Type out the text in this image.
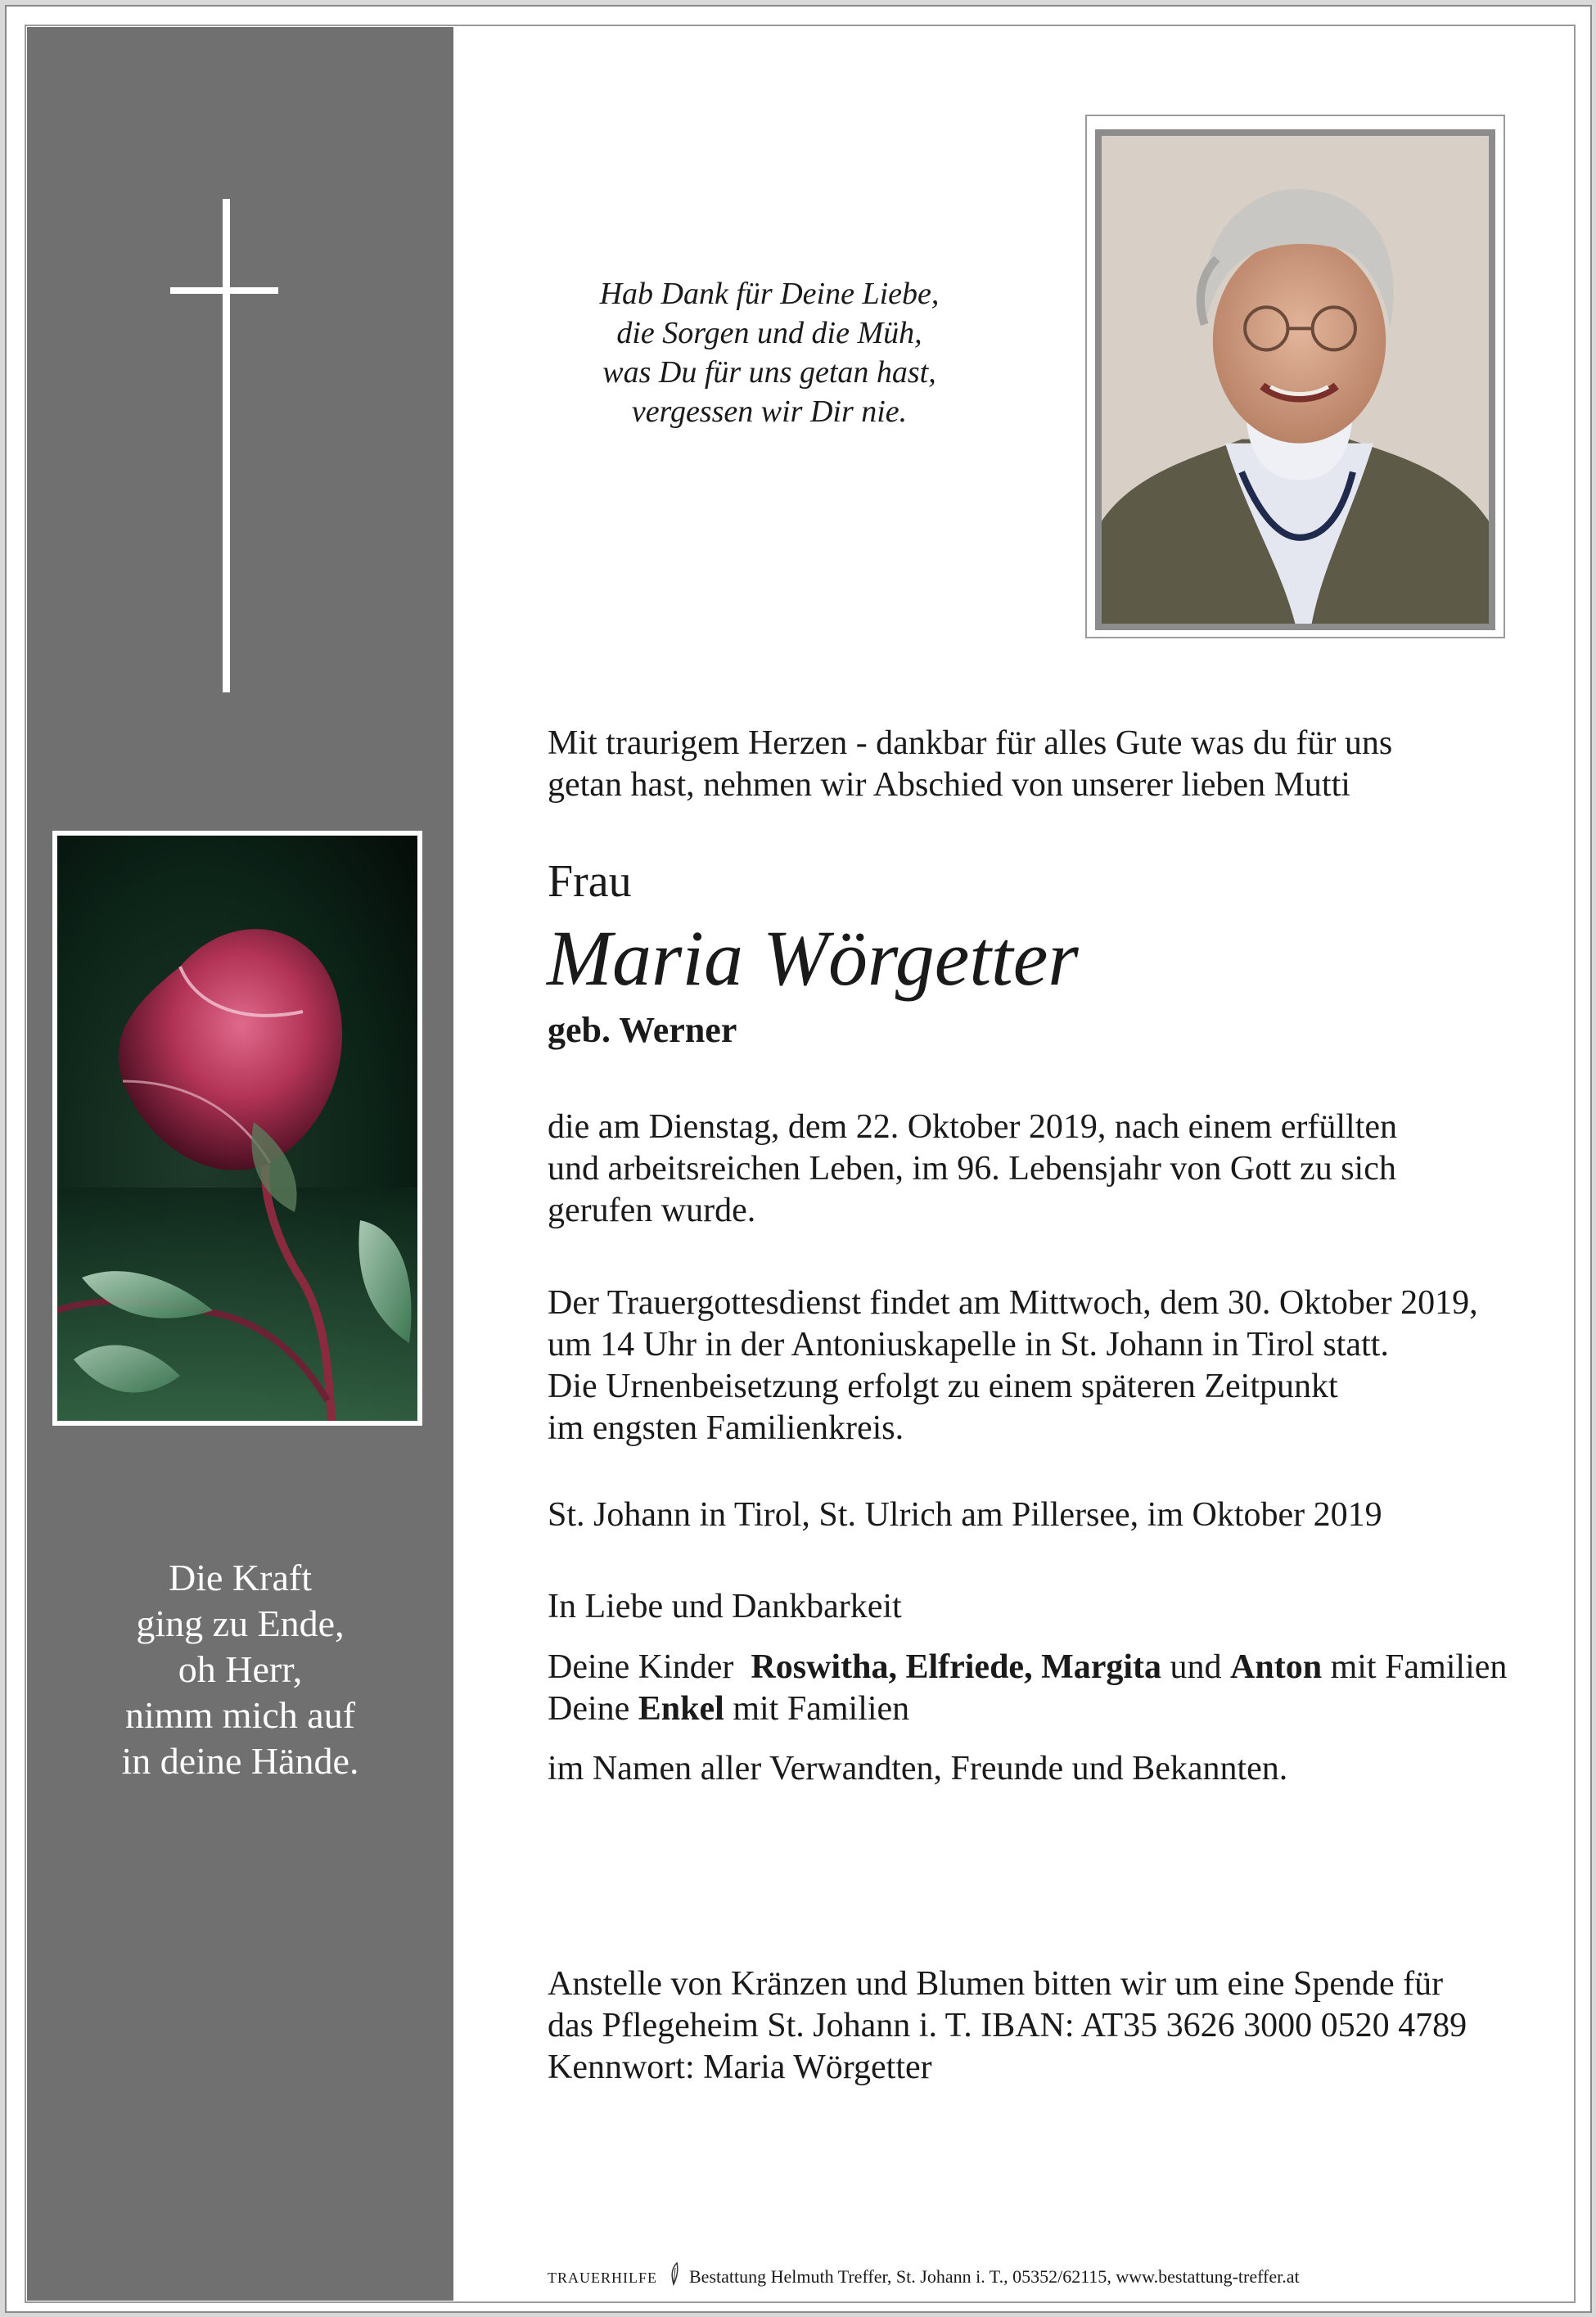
Die Kraft
ging zu Ende,
oh Herr,
nimm mich auf
in deine Hände.
Hab Dank für Deine Liebe,
die Sorgen und die Müh,
was Du für uns getan hast,
vergessen wir Dir nie.
Mit traurigem Herzen - dankbar für alles Gute was du für uns
getan hast, nehmen wir Abschied von unserer lieben Mutti
Frau
Maria Wörgetter
geb. Werner
die am Dienstag, dem 22. Oktober 2019, nach einem erfüllten
und arbeitsreichen Leben, im 96. Lebensjahr von Gott zu sich
gerufen wurde.
Der Trauergottesdienst findet am Mittwoch, dem 30. Oktober 2019,
um 14 Uhr in der Antoniuskapelle in St. Johann in Tirol statt.
Die Urnenbeisetzung erfolgt zu einem späteren Zeitpunkt
im engsten Familienkreis.
St. Johann in Tirol, St. Ulrich am Pillersee, im Oktober 2019
In Liebe und Dankbarkeit
Deine Kinder Roswitha, Elfriede, Margita und Anton mit Familien
Deine Enkel mit Familien
im Namen aller Verwandten, Freunde und Bekannten.
Anstelle von Kränzen und Blumen bitten wir um eine Spende für
das Pflegeheim St. Johann i. T. IBAN: AT35 3626 3000 0520 4789
Kennwort: Maria Wörgetter
TRAUERHILFE Bestattung Helmuth Treffer, St. Johann i. T., 05352/62115, www.bestattung-treffer.at
